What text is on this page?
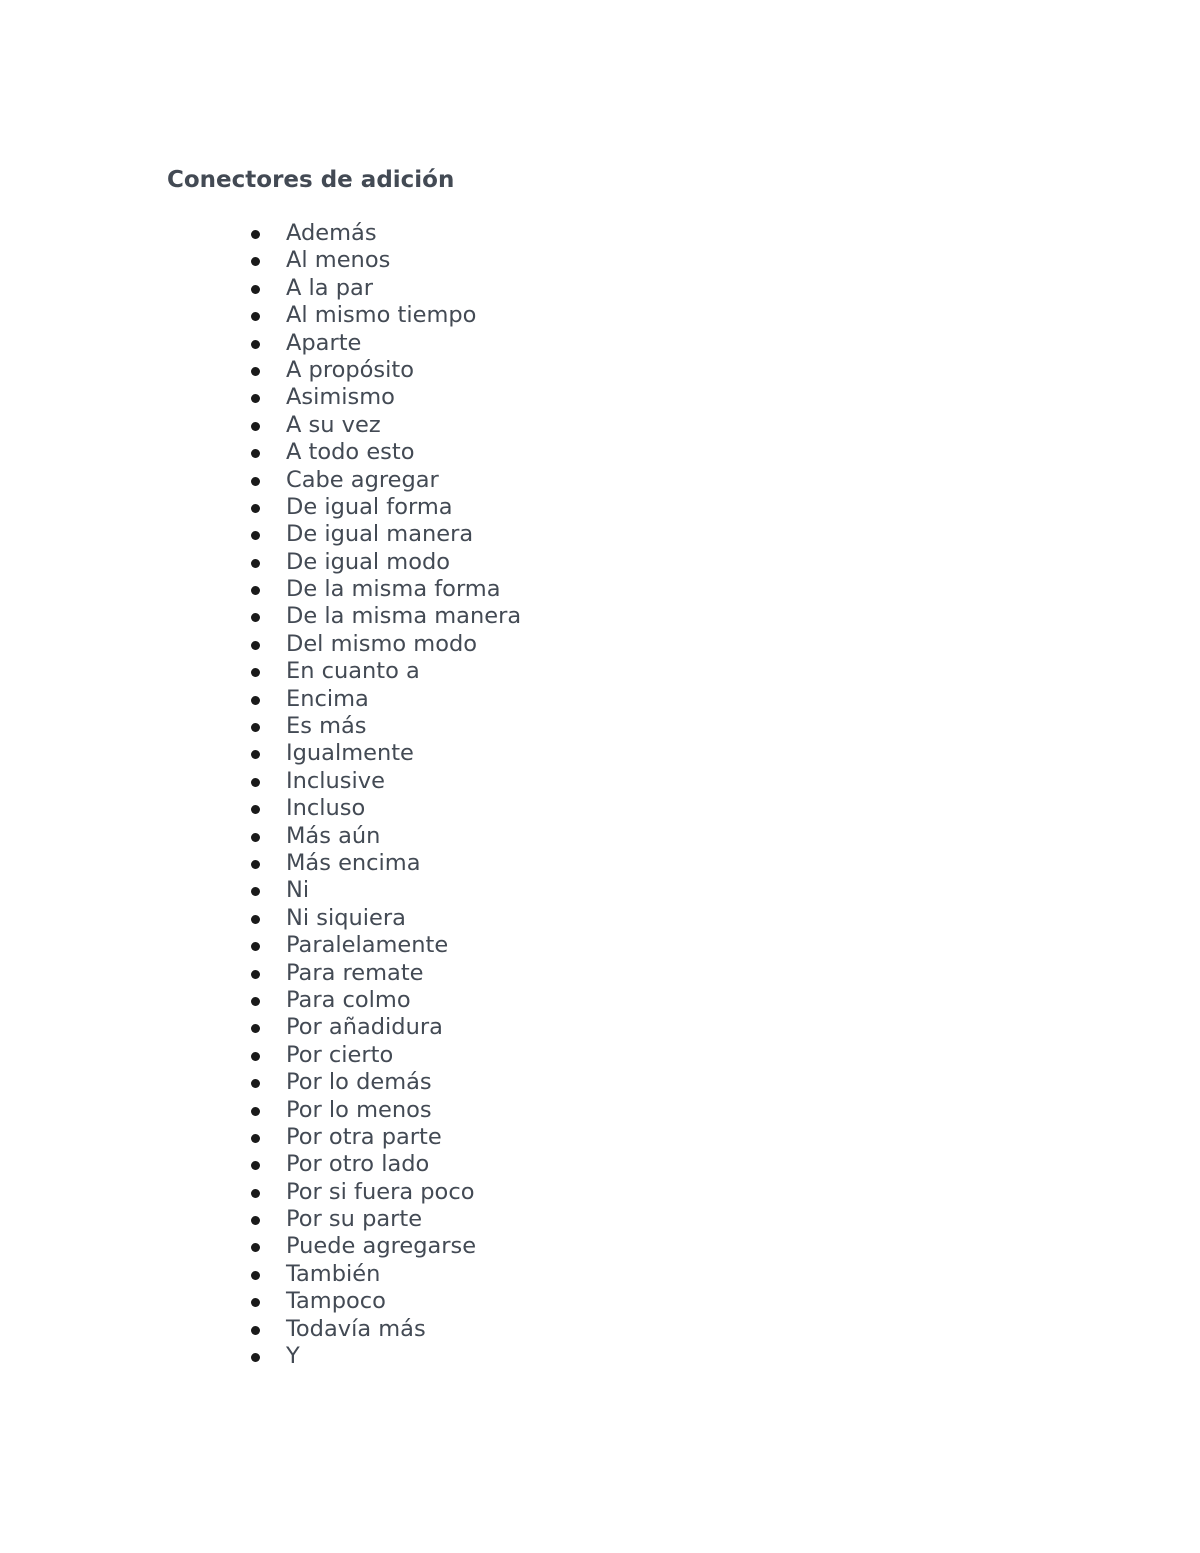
Conectores de adición
Además
Al menos
A la par
Al mismo tiempo
Aparte
A propósito
Asimismo
A su vez
A todo esto
Cabe agregar
De igual forma
De igual manera
De igual modo
De la misma forma
De la misma manera
Del mismo modo
En cuanto a
Encima
Es más
Igualmente
Inclusive
Incluso
Más aún
Más encima
Ni
Ni siquiera
Paralelamente
Para remate
Para colmo
Por añadidura
Por cierto
Por lo demás
Por lo menos
Por otra parte
Por otro lado
Por si fuera poco
Por su parte
Puede agregarse
También
Tampoco
Todavía más
Y
